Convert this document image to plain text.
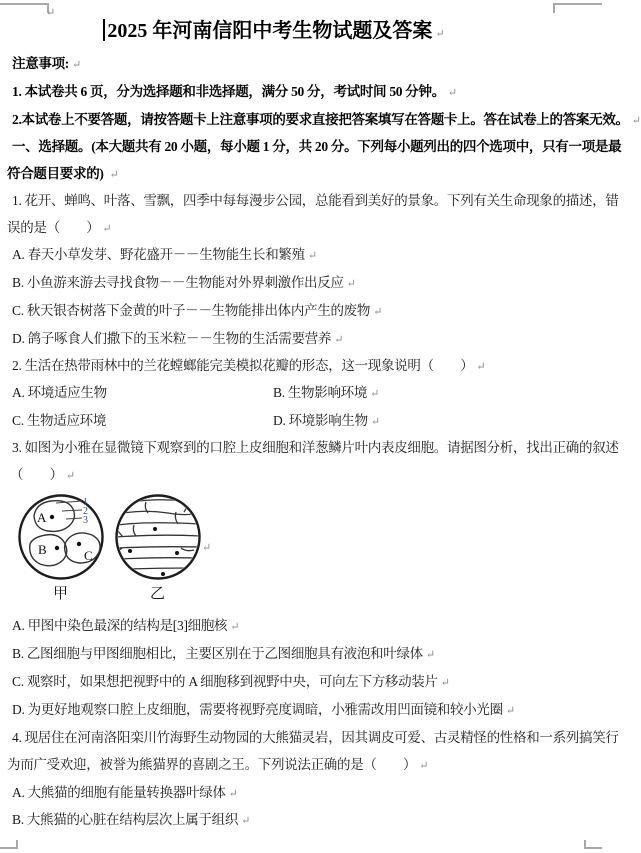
↵
2025 年河南信阳中考生物试题及答案 ↵
注意事项: ↵
1. 本试卷共 6 页，分为选择题和非选择题，满分 50 分，考试时间 50 分钟。 ↵
2.本试卷上不要答题，请按答题卡上注意事项的要求直接把答案填写在答题卡上。答在试卷上的答案无效。 ↵
一、选择题。(本大题共有 20 小题，每小题 1 分，共 20 分。下列每小题列出的四个选项中，只有一项是最
符合题目要求的) ↵
1. 花开、蝉鸣、叶落、雪飘，四季中每每漫步公园，总能看到美好的景象。下列有关生命现象的描述，错
误的是（　　） ↵
A. 春天小草发芽、野花盛开－－生物能生长和繁殖 ↵
B. 小鱼游来游去寻找食物－－生物能对外界刺激作出反应 ↵
C. 秋天银杏树落下金黄的叶子－－生物能排出体内产生的废物 ↵
D. 鸽子啄食人们撒下的玉米粒－－生物的生活需要营养 ↵
2. 生活在热带雨林中的兰花螳螂能完美模拟花瓣的形态，这一现象说明（　　） ↵
A. 环境适应生物	B. 生物影响环境 ↵
C. 生物适应环境	D. 环境影响生物 ↵
3. 如图为小雅在显微镜下观察到的口腔上皮细胞和洋葱鳞片叶内表皮细胞。请据图分析，找出正确的叙述
（　　） ↵
1
2
3
A
B	C
甲	乙
↵
A. 甲图中染色最深的结构是[3]细胞核 ↵
B. 乙图细胞与甲图细胞相比，主要区别在于乙图细胞具有液泡和叶绿体 ↵
C. 观察时，如果想把视野中的 A 细胞移到视野中央，可向左下方移动装片 ↵
D. 为更好地观察口腔上皮细胞，需要将视野亮度调暗，小雅需改用凹面镜和较小光圈 ↵
4. 现居住在河南洛阳栾川竹海野生动物园的大熊猫灵岩，因其调皮可爱、古灵精怪的性格和一系列搞笑行
为而广受欢迎，被誉为熊猫界的喜剧之王。下列说法正确的是（　　） ↵
A. 大熊猫的细胞有能量转换器叶绿体 ↵
B. 大熊猫的心脏在结构层次上属于组织 ↵
